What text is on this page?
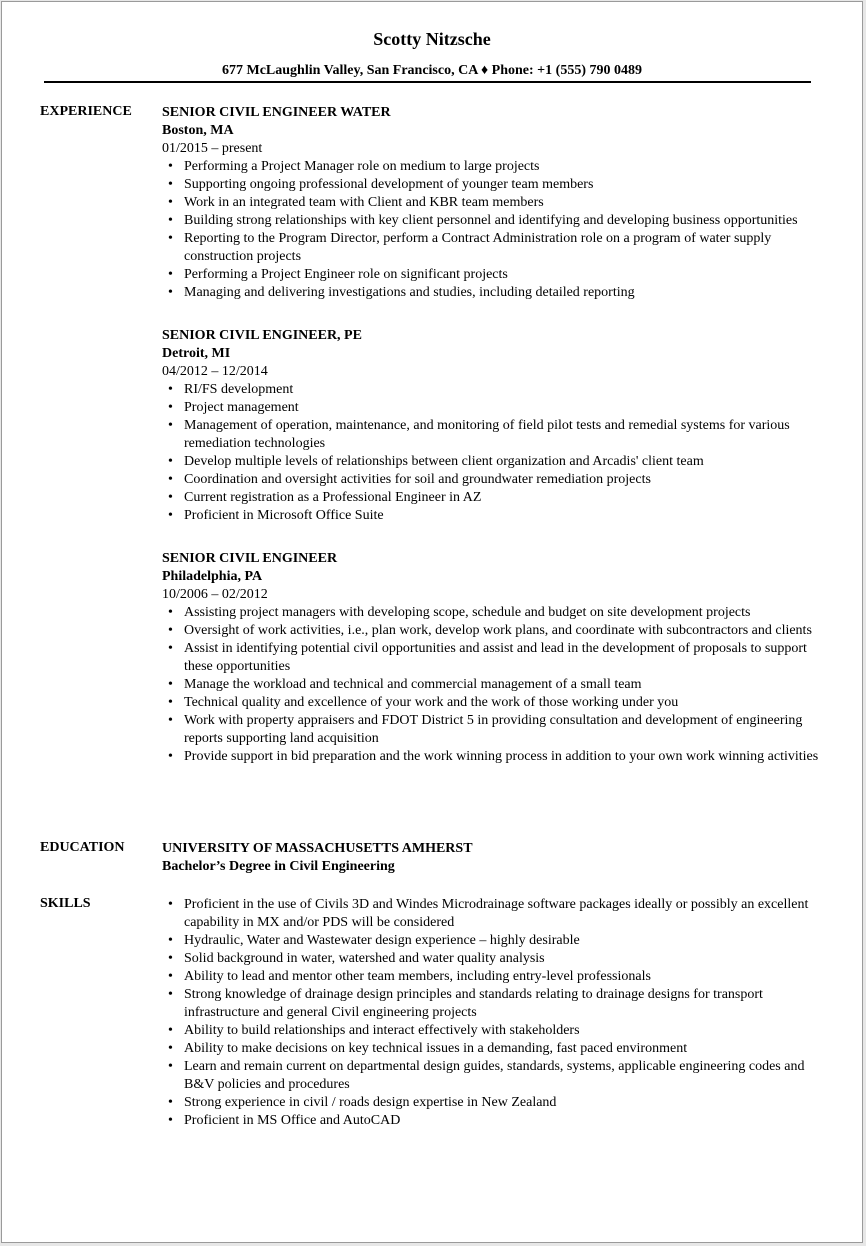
Scotty Nitzsche
677 McLaughlin Valley, San Francisco, CA ♦ Phone: +1 (555) 790 0489
EXPERIENCE SENIOR CIVIL ENGINEER WATER
Boston, MA
01/2015 – present
• Performing a Project Manager role on medium to large projects
• Supporting ongoing professional development of younger team members
• Work in an integrated team with Client and KBR team members
• Building strong relationships with key client personnel and identifying and developing business opportunities
• Reporting to the Program Director, perform a Contract Administration role on a program of water supply construction projects
• Performing a Project Engineer role on significant projects
• Managing and delivering investigations and studies, including detailed reporting
SENIOR CIVIL ENGINEER, PE
Detroit, MI
04/2012 – 12/2014
• RI/FS development
• Project management
• Management of operation, maintenance, and monitoring of field pilot tests and remedial systems for various remediation technologies
• Develop multiple levels of relationships between client organization and Arcadis' client team
• Coordination and oversight activities for soil and groundwater remediation projects
• Current registration as a Professional Engineer in AZ
• Proficient in Microsoft Office Suite
SENIOR CIVIL ENGINEER
Philadelphia, PA
10/2006 – 02/2012
• Assisting project managers with developing scope, schedule and budget on site development projects
• Oversight of work activities, i.e., plan work, develop work plans, and coordinate with subcontractors and clients
• Assist in identifying potential civil opportunities and assist and lead in the development of proposals to support these opportunities
• Manage the workload and technical and commercial management of a small team
• Technical quality and excellence of your work and the work of those working under you
• Work with property appraisers and FDOT District 5 in providing consultation and development of engineering reports supporting land acquisition
• Provide support in bid preparation and the work winning process in addition to your own work winning activities
EDUCATION	UNIVERSITY OF MASSACHUSETTS AMHERST
Bachelor’s Degree in Civil Engineering
SKILLS	• Proficient in the use of Civils 3D and Windes Microdrainage software packages ideally or possibly an excellent capability in MX and/or PDS will be considered
• Hydraulic, Water and Wastewater design experience – highly desirable
• Solid background in water, watershed and water quality analysis
• Ability to lead and mentor other team members, including entry-level professionals
• Strong knowledge of drainage design principles and standards relating to drainage designs for transport infrastructure and general Civil engineering projects
• Ability to build relationships and interact effectively with stakeholders
• Ability to make decisions on key technical issues in a demanding, fast paced environment
• Learn and remain current on departmental design guides, standards, systems, applicable engineering codes and B&V policies and procedures
• Strong experience in civil / roads design expertise in New Zealand
• Proficient in MS Office and AutoCAD
